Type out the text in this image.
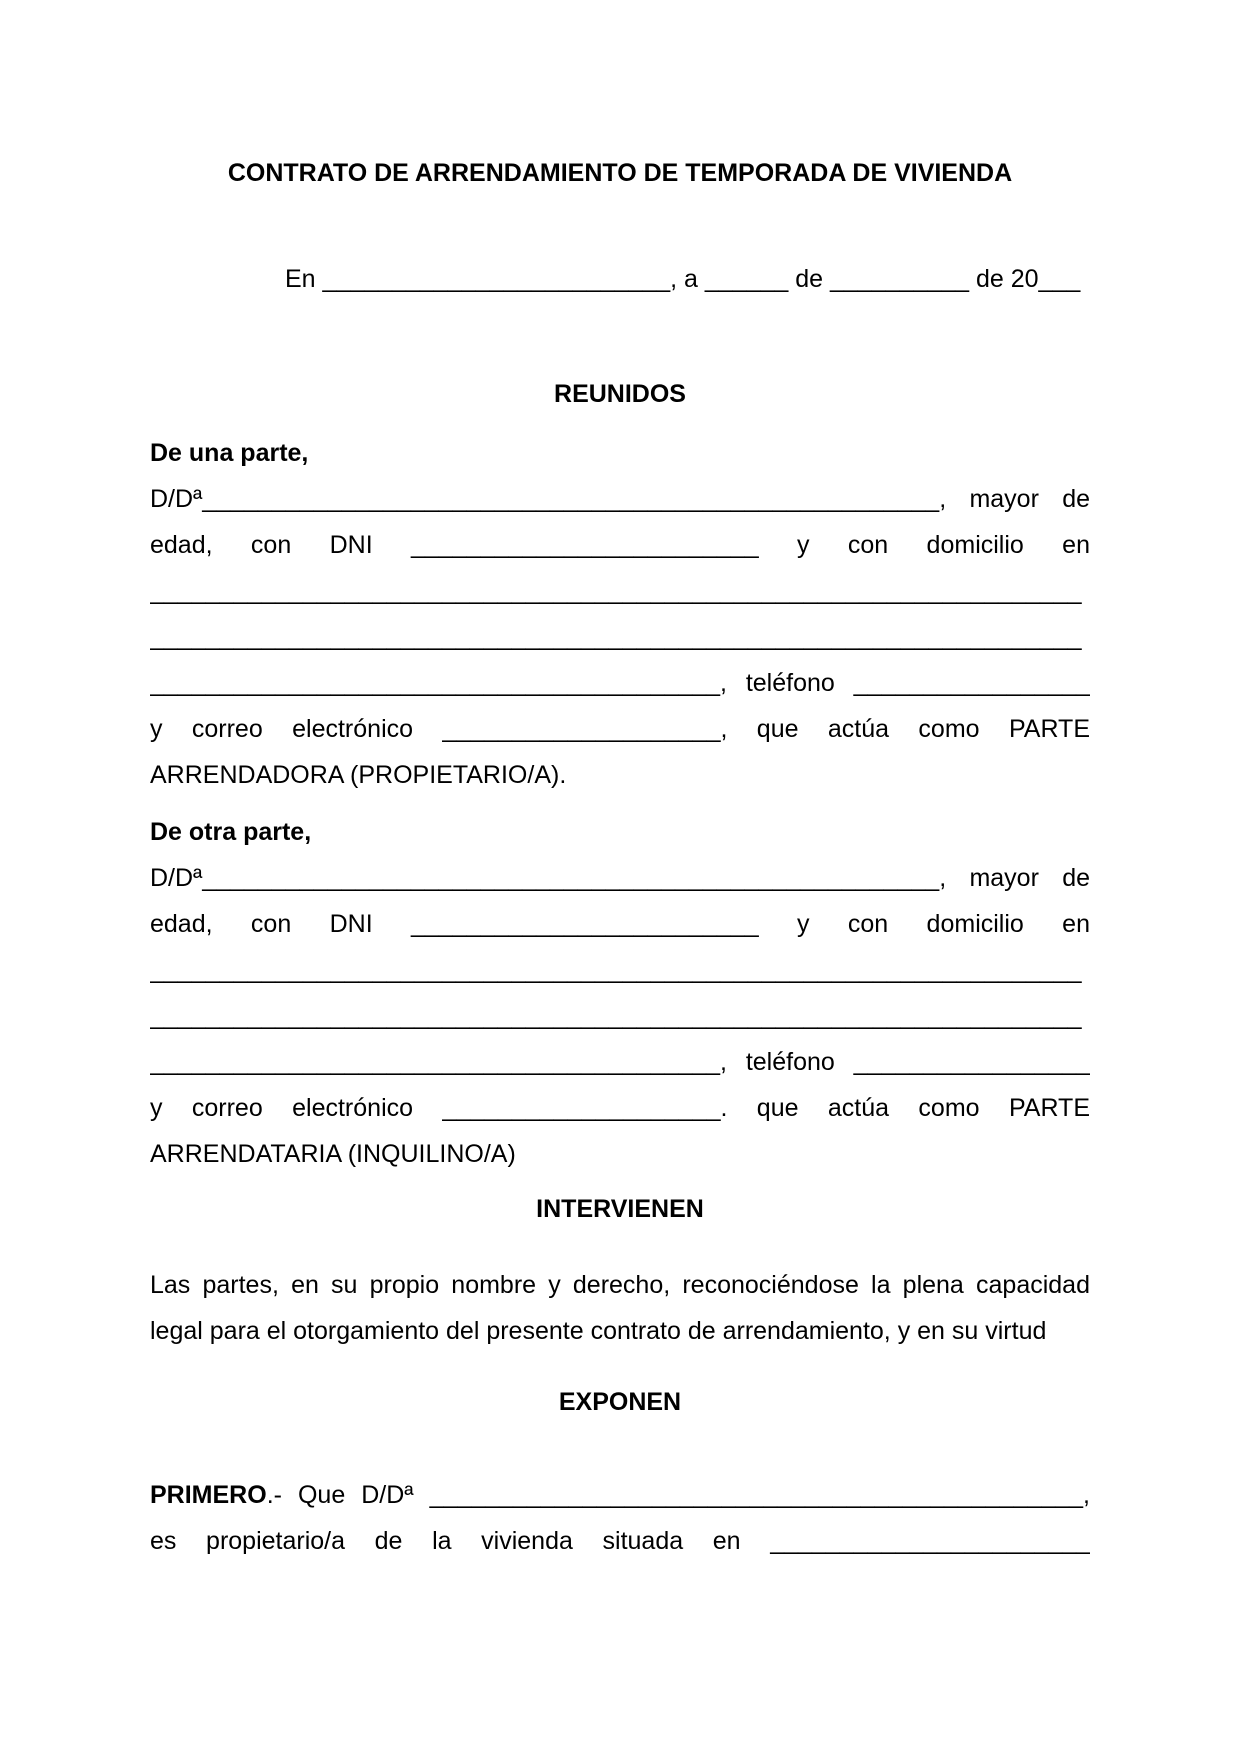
CONTRATO DE ARRENDAMIENTO DE TEMPORADA DE VIVIENDA
En _________________________, a ______ de __________ de 20___
REUNIDOS
De una parte,
D/Dª_____________________________________________________, mayor de
edad, con DNI _________________________ y con domicilio en
___________________________________________________________________
___________________________________________________________________
_________________________________________, teléfono _________________
y correo electrónico ____________________, que actúa como PARTE
ARRENDADORA (PROPIETARIO/A).
De otra parte,
D/Dª_____________________________________________________, mayor de
edad, con DNI _________________________ y con domicilio en
___________________________________________________________________
___________________________________________________________________
_________________________________________, teléfono _________________
y correo electrónico ____________________. que actúa como PARTE
ARRENDATARIA (INQUILINO/A)
INTERVIENEN
Las partes, en su propio nombre y derecho, reconociéndose la plena capacidad
legal para el otorgamiento del presente contrato de arrendamiento, y en su virtud
EXPONEN
PRIMERO.- Que D/Dª _______________________________________________,
es propietario/a de la vivienda situada en _______________________
